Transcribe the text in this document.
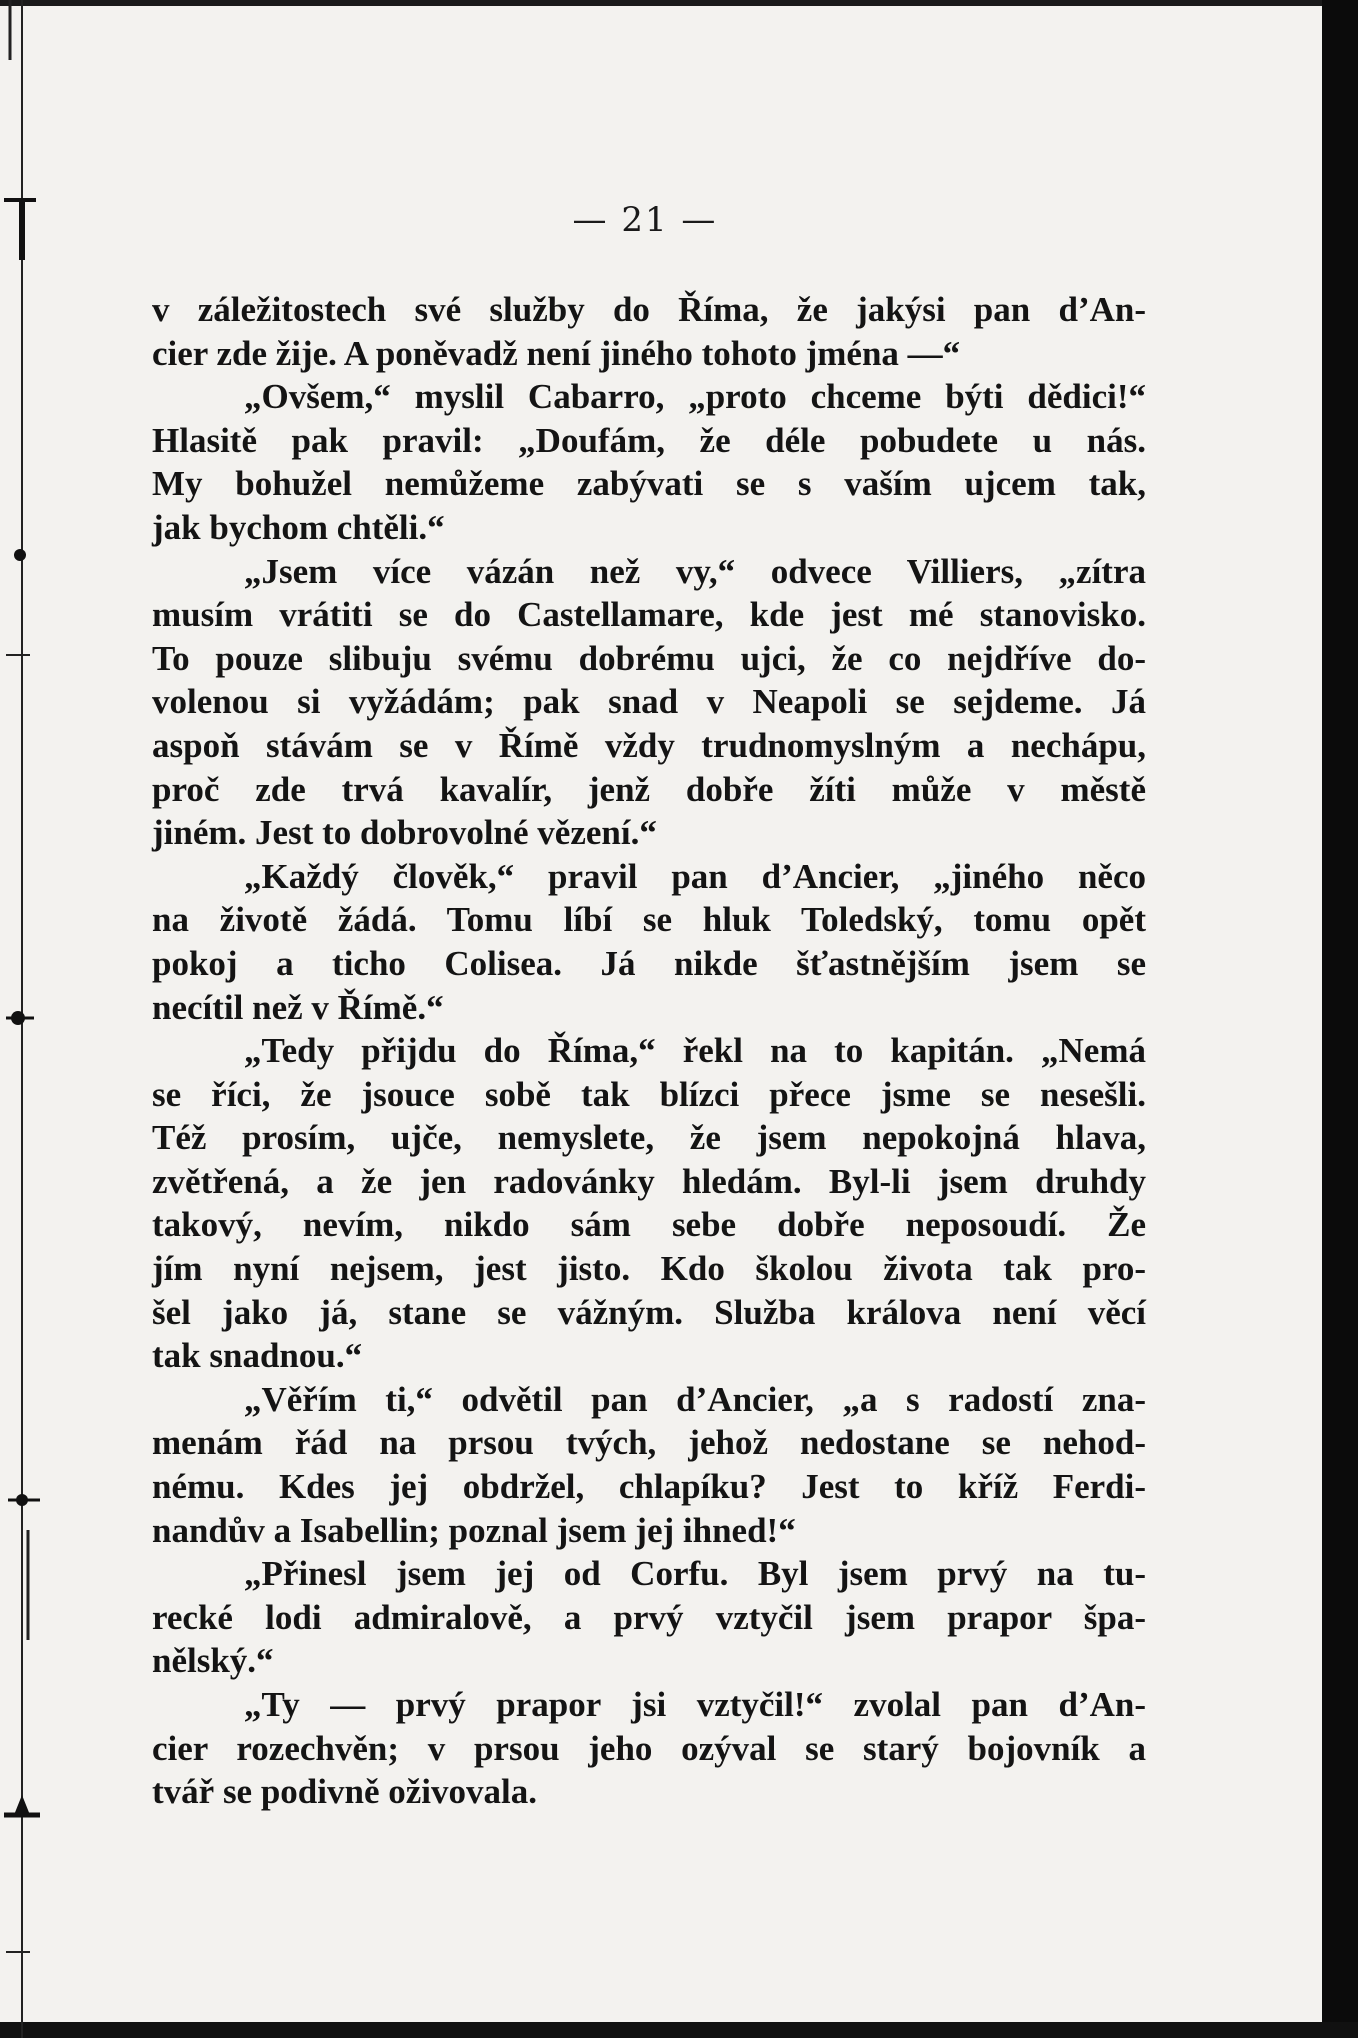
— 21 —
v záležitostech své služby do Říma, že jakýsi pan d’An-
cier zde žije. A poněvadž není jiného tohoto jména —“
„Ovšem,“ myslil Cabarro, „proto chceme býti dědici!“
Hlasitě pak pravil: „Doufám, že déle pobudete u nás.
My bohužel nemůžeme zabývati se s vaším ujcem tak,
jak bychom chtěli.“
„Jsem více vázán než vy,“ odvece Villiers, „zítra
musím vrátiti se do Castellamare, kde jest mé stanovisko.
To pouze slibuju svému dobrému ujci, že co nejdříve do-
volenou si vyžádám; pak snad v Neapoli se sejdeme. Já
aspoň stávám se v Římě vždy trudnomyslným a nechápu,
proč zde trvá kavalír, jenž dobře žíti může v městě
jiném. Jest to dobrovolné vězení.“
„Každý člověk,“ pravil pan d’Ancier, „jiného něco
na životě žádá. Tomu líbí se hluk Toledský, tomu opět
pokoj a ticho Colisea. Já nikde šťastnějším jsem se
necítil než v Římě.“
„Tedy přijdu do Říma,“ řekl na to kapitán. „Nemá
se říci, že jsouce sobě tak blízci přece jsme se nesešli.
Též prosím, ujče, nemyslete, že jsem nepokojná hlava,
zvětřená, a že jen radovánky hledám. Byl-li jsem druhdy
takový, nevím, nikdo sám sebe dobře neposoudí. Že
jím nyní nejsem, jest jisto. Kdo školou života tak pro-
šel jako já, stane se vážným. Služba králova není věcí
tak snadnou.“
„Věřím ti,“ odvětil pan d’Ancier, „a s radostí zna-
menám řád na prsou tvých, jehož nedostane se nehod-
nému. Kdes jej obdržel, chlapíku? Jest to kříž Ferdi-
nandův a Isabellin; poznal jsem jej ihned!“
„Přinesl jsem jej od Corfu. Byl jsem prvý na tu-
recké lodi admiralově, a prvý vztyčil jsem prapor špa-
nělský.“
„Ty — prvý prapor jsi vztyčil!“ zvolal pan d’An-
cier rozechvěn; v prsou jeho ozýval se starý bojovník a
tvář se podivně oživovala.
